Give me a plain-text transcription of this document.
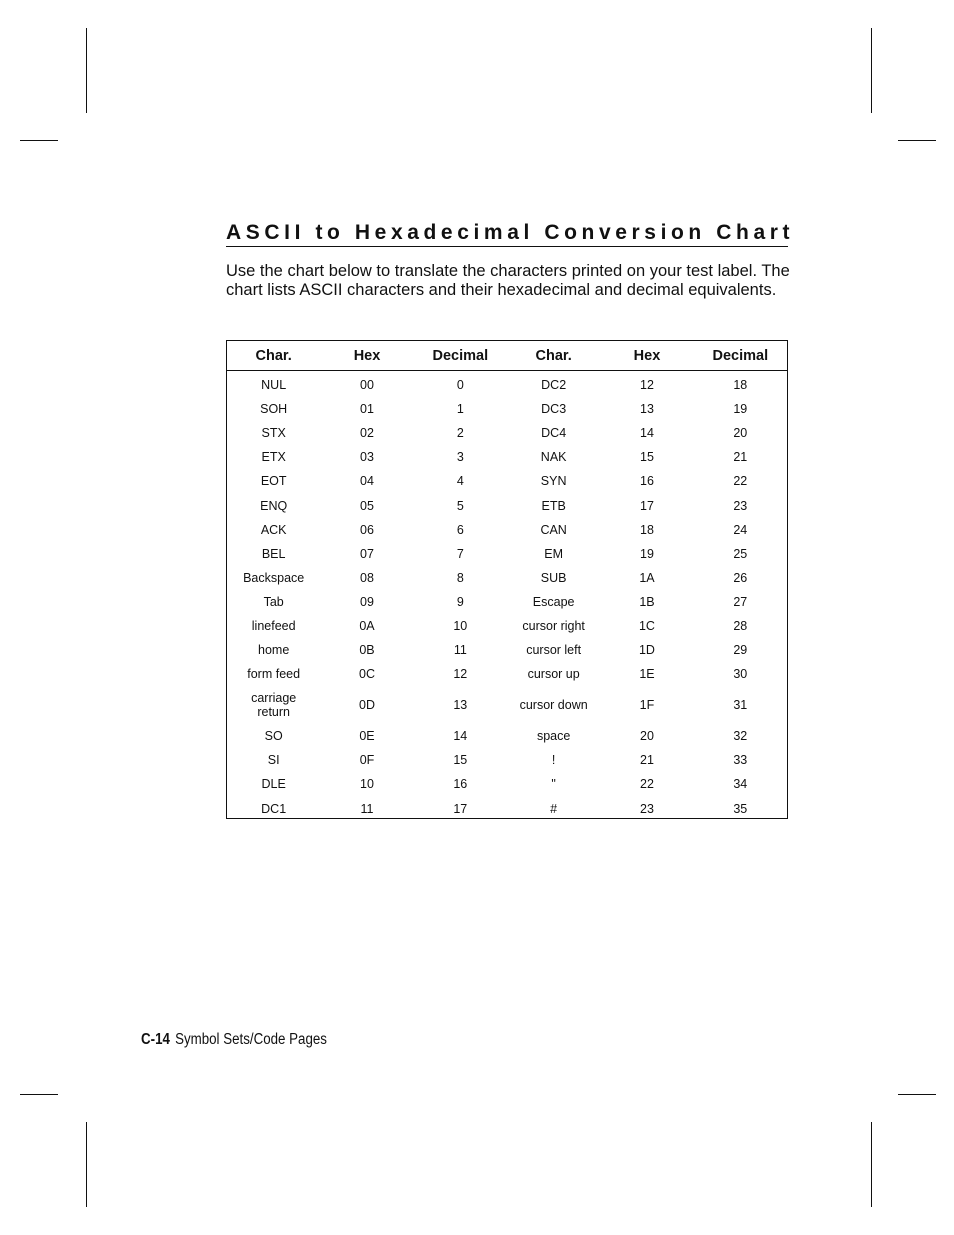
ASCII to Hexadecimal Conversion Chart

Use the chart below to translate the characters printed on your test label. The chart lists ASCII characters and their hexadecimal and decimal equivalents.

Char.	Hex	Decimal	Char.	Hex	Decimal
NUL	00	0	DC2	12	18
SOH	01	1	DC3	13	19
STX	02	2	DC4	14	20
ETX	03	3	NAK	15	21
EOT	04	4	SYN	16	22
ENQ	05	5	ETB	17	23
ACK	06	6	CAN	18	24
BEL	07	7	EM	19	25
Backspace	08	8	SUB	1A	26
Tab	09	9	Escape	1B	27
linefeed	0A	10	cursor right	1C	28
home	0B	11	cursor left	1D	29
form feed	0C	12	cursor up	1E	30
carriage return	0D	13	cursor down	1F	31
SO	0E	14	space	20	32
SI	0F	15	!	21	33
DLE	10	16	"	22	34
DC1	11	17	#	23	35
C-14 Symbol Sets/Code Pages
